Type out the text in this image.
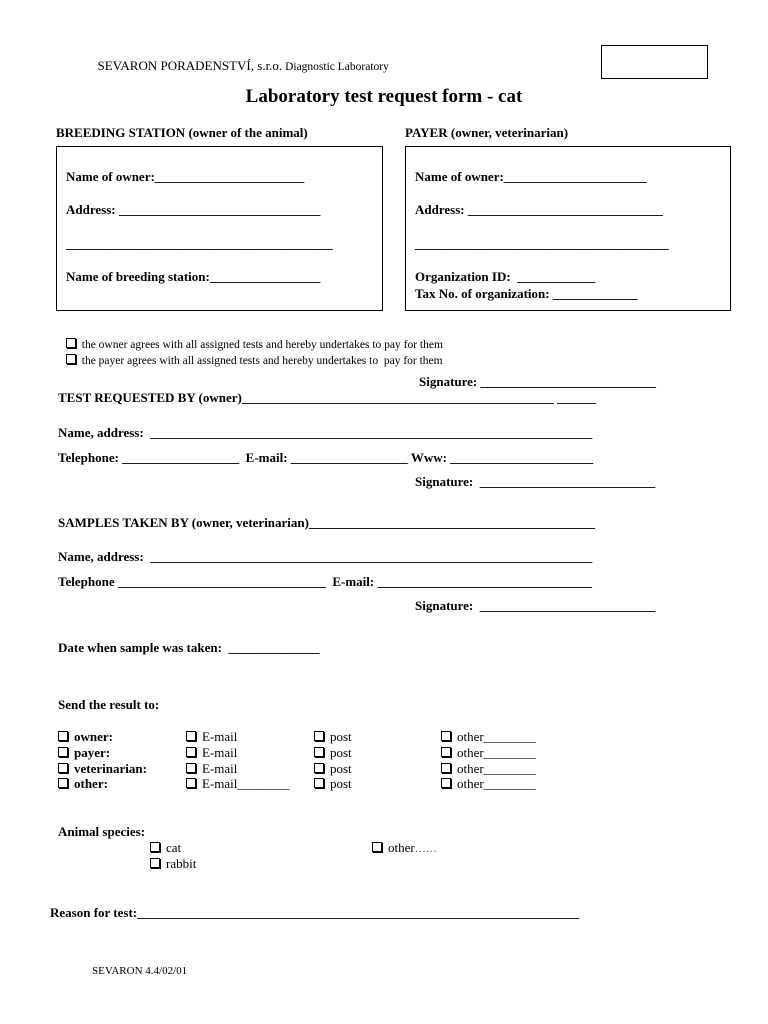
SEVARON PORADENSTVÍ, s.r.o. Diagnostic Laboratory

Laboratory test request form - cat
BREEDING STATION (owner of the animal)	PAYER (owner, veterinarian)
Name of owner:_______________________
Address: _______________________________
_________________________________________
Name of breeding station:_________________
Name of owner:______________________
Address: ______________________________
_______________________________________
Organization ID:  ____________
Tax No. of organization: _____________

the owner agrees with all assigned tests and hereby undertakes to pay for them

the payer agrees with all assigned tests and hereby undertakes to  pay for them

Signature: ___________________________
TEST REQUESTED BY (owner)________________________________________________ ______
Name, address:  ____________________________________________________________________
Telephone: __________________  E-mail: __________________ Www: ______________________
Signature:  ___________________________
SAMPLES TAKEN BY (owner, veterinarian)____________________________________________
Name, address:  ____________________________________________________________________
Telephone ________________________________  E-mail: _________________________________
Signature:  ___________________________
Date when sample was taken:  ______________
Send the result to:
owner:	E-mail	post	other________
payer:	E-mail	post	other________
veterinarian:	E-mail	post	other________
other:	E-mail________	post	other________
Animal species:
cat
rabbit
other……
Reason for test:____________________________________________________________________
SEVARON 4.4/02/01
